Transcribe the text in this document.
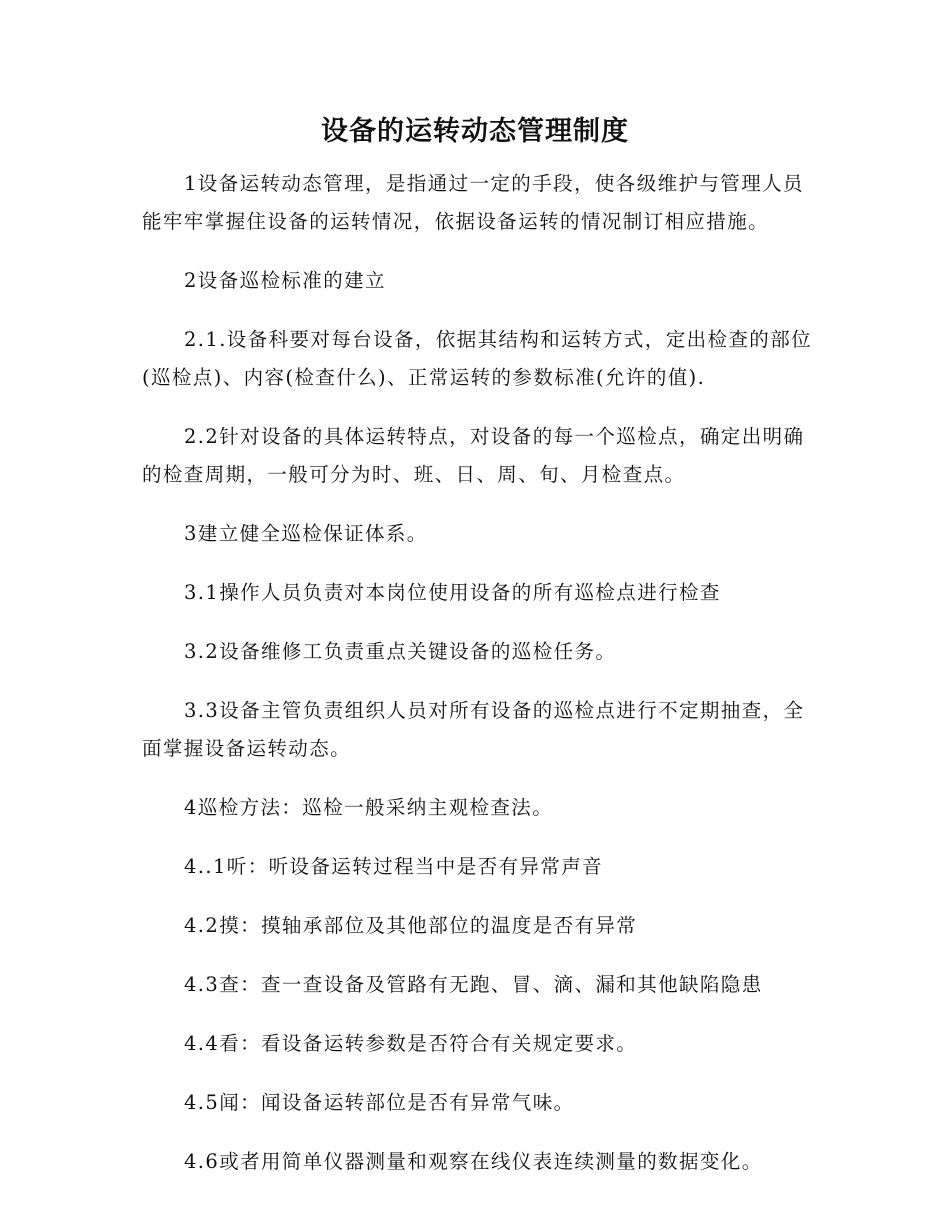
设备的运转动态管理制度

1设备运转动态管理，是指通过一定的手段，使各级维护与管理人员能牢牢掌握住设备的运转情况，依据设备运转的情况制订相应措施。

2设备巡检标准的建立

2.1.设备科要对每台设备，依据其结构和运转方式，定出检查的部位(巡检点)、内容(检查什么)、正常运转的参数标准(允许的值).

2.2针对设备的具体运转特点，对设备的每一个巡检点，确定出明确的检查周期，一般可分为时、班、日、周、旬、月检查点。

3建立健全巡检保证体系。

3.1操作人员负责对本岗位使用设备的所有巡检点进行检查

3.2设备维修工负责重点关键设备的巡检任务。

3.3设备主管负责组织人员对所有设备的巡检点进行不定期抽查，全面掌握设备运转动态。

4巡检方法：巡检一般采纳主观检查法。

4..1听：听设备运转过程当中是否有异常声音

4.2摸：摸轴承部位及其他部位的温度是否有异常

4.3查：查一查设备及管路有无跑、冒、滴、漏和其他缺陷隐患

4.4看：看设备运转参数是否符合有关规定要求。

4.5闻：闻设备运转部位是否有异常气味。

4.6或者用简单仪器测量和观察在线仪表连续测量的数据变化。
